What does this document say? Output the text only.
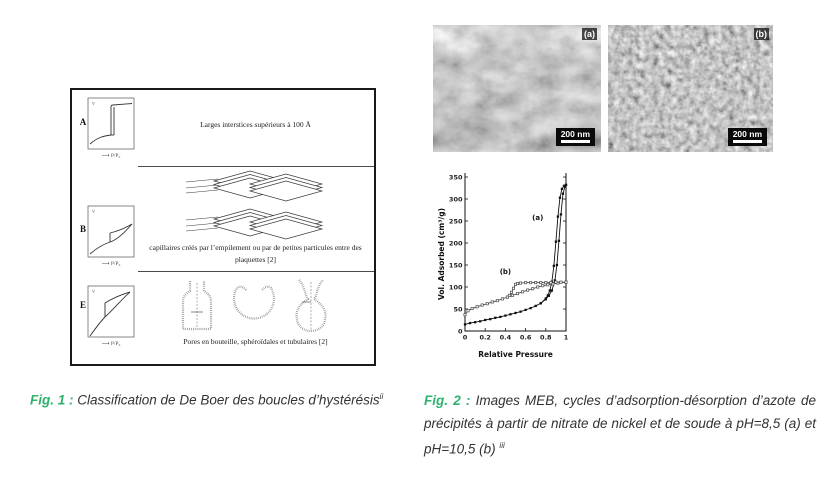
A
V
⟶ P/P₀
Larges interstices supérieurs à 100 Å
B
V
⟶ P/P₀
capillaires créés par l’empilement ou par de petites particules entre des plaquettes [2]
E
V
⟶ P/P₀	Pores en bouteille, sphéroïdales et tubulaires [2]
(a)
200 nm
(b)
200 nm
0
50
100
150
200
250
300
350
0 0.2 0.4 0.6 0.8 1
Relative Pressure
Vol. Adsorbed (cm³/g)	(a)
(b)
Fig. 1 : Classification de De Boer des boucles d’hystérésis$^{ii}$	Fig. 2 : Images MEB, cycles d’adsorption-désorption d’azote de précipités à partir de nitrate de nickel et de soude à pH=8,5 (a) et pH=10,5 (b) $^{iii}$
